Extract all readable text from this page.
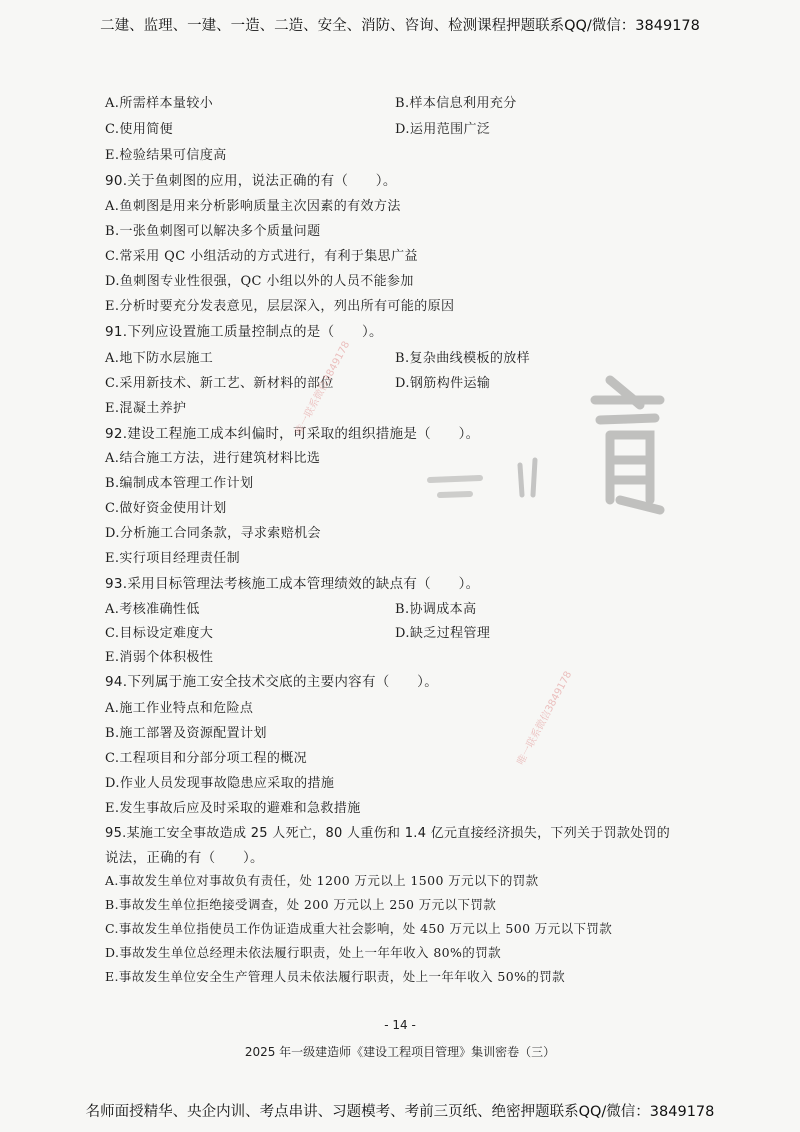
二建、监理、一建、一造、二造、安全、消防、咨询、检测课程押题联系QQ/微信：3849178
A.所需样本量较小	B.样本信息利用充分
C.使用简便	D.运用范围广泛
E.检验结果可信度高
90.关于鱼刺图的应用，说法正确的有（　　）。
A.鱼刺图是用来分析影响质量主次因素的有效方法
B.一张鱼刺图可以解决多个质量问题
C.常采用 QC 小组活动的方式进行，有利于集思广益
D.鱼刺图专业性很强，QC 小组以外的人员不能参加
E.分析时要充分发表意见，层层深入，列出所有可能的原因
91.下列应设置施工质量控制点的是（　　）。
A.地下防水层施工	B.复杂曲线模板的放样
C.采用新技术、新工艺、新材料的部位	D.钢筋构件运输
E.混凝土养护
92.建设工程施工成本纠偏时，可采取的组织措施是（　　）。
A.结合施工方法，进行建筑材料比选
B.编制成本管理工作计划
C.做好资金使用计划
D.分析施工合同条款，寻求索赔机会
E.实行项目经理责任制
93.采用目标管理法考核施工成本管理绩效的缺点有（　　）。
A.考核准确性低	B.协调成本高
C.目标设定难度大	D.缺乏过程管理
E.消弱个体积极性
94.下列属于施工安全技术交底的主要内容有（　　）。
A.施工作业特点和危险点
B.施工部署及资源配置计划
C.工程项目和分部分项工程的概况
D.作业人员发现事故隐患应采取的措施
E.发生事故后应及时采取的避难和急救措施
95.某施工安全事故造成 25 人死亡，80 人重伤和 1.4 亿元直接经济损失，下列关于罚款处罚的
说法，正确的有（　　）。
A.事故发生单位对事故负有责任，处 1200 万元以上 1500 万元以下的罚款
B.事故发生单位拒绝接受调查，处 200 万元以上 250 万元以下罚款
C.事故发生单位指使员工作伪证造成重大社会影响，处 450 万元以上 500 万元以下罚款
D.事故发生单位总经理未依法履行职责，处上一年年收入 80%的罚款
E.事故发生单位安全生产管理人员未依法履行职责，处上一年年收入 50%的罚款
唯一联系微信3849178
唯一联系微信3849178
- 14 -
2025 年一级建造师《建设工程项目管理》集训密卷（三）
名师面授精华、央企内训、考点串讲、习题模考、考前三页纸、绝密押题联系QQ/微信：3849178
